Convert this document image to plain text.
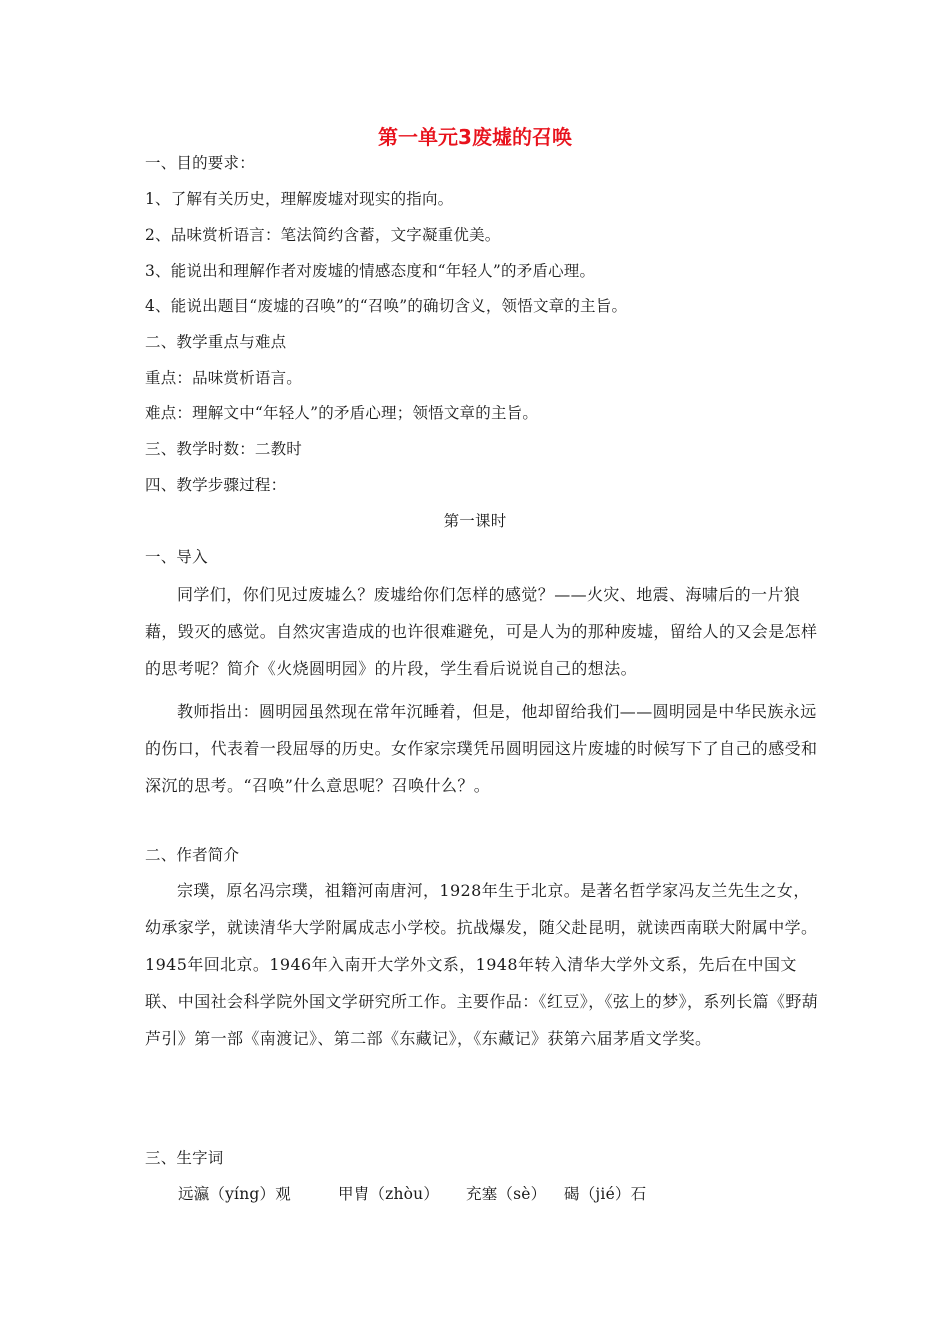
第一单元3废墟的召唤
一、目的要求：
1、了解有关历史，理解废墟对现实的指向。
2、品味赏析语言：笔法简约含蓄，文字凝重优美。
3、能说出和理解作者对废墟的情感态度和“年轻人”的矛盾心理。
4、能说出题目“废墟的召唤”的“召唤”的确切含义，领悟文章的主旨。
二、教学重点与难点
重点：品味赏析语言。
难点：理解文中“年轻人”的矛盾心理；领悟文章的主旨。
三、教学时数：二教时
四、教学步骤过程：
第一课时
一、导入

同学们，你们见过废墟么？废墟给你们怎样的感觉？——火灾、地震、海啸后的一片狼藉，毁灭的感觉。自然灾害造成的也许很难避免，可是人为的那种废墟，留给人的又会是怎样的思考呢？简介《火烧圆明园》的片段，学生看后说说自己的想法。

教师指出：圆明园虽然现在常年沉睡着，但是，他却留给我们——圆明园是中华民族永远的伤口，代表着一段屈辱的历史。女作家宗璞凭吊圆明园这片废墟的时候写下了自己的感受和深沉的思考。“召唤”什么意思呢？召唤什么？。

二、作者简介

宗璞，原名冯宗璞，祖籍河南唐河，1928年生于北京。是著名哲学家冯友兰先生之女，幼承家学，就读清华大学附属成志小学校。抗战爆发，随父赴昆明，就读西南联大附属中学。1945年回北京。1946年入南开大学外文系，1948年转入清华大学外文系，先后在中国文联、中国社会科学院外国文学研究所工作。主要作品：《红豆》，《弦上的梦》，系列长篇《野葫芦引》第一部《南渡记》、第二部《东藏记》，《东藏记》获第六届茅盾文学奖。

三、生字词
远瀛（yíng）观	甲胄（zhòu） 充塞（sè） 碣（jié）石
